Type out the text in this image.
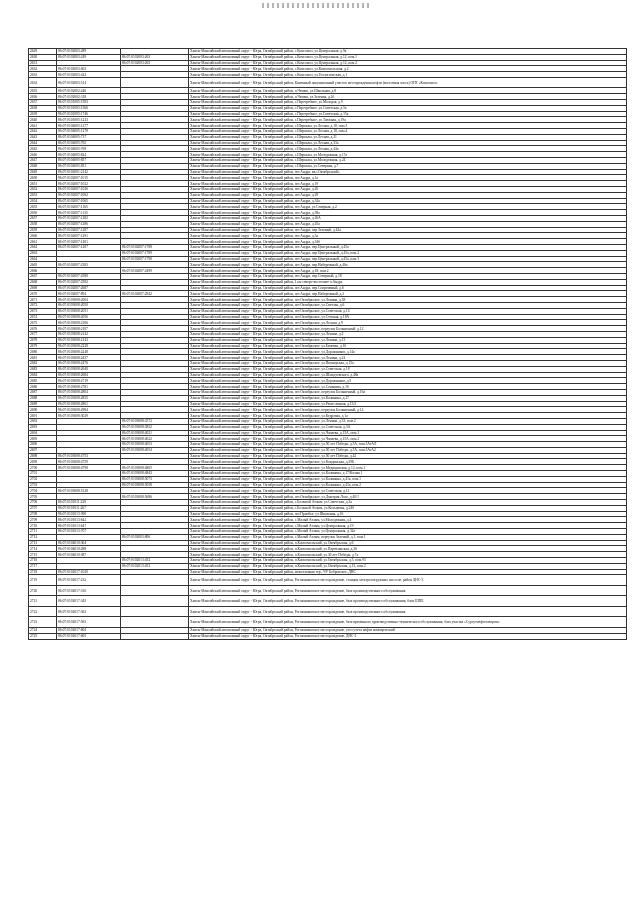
2629	86:07:0102003:289		Ханты-Мансийский автономный округ - Югра, Октябрьский район, с.Комсомол, ул.Центральная, д.9а
2630	86:07:0102003:249	86:07:0102003:263	Ханты-Мансийский автономный округ - Югра, Октябрьский район, с.Комсомол, ул.Центральная, д.12, пом.1
2631		86:07:0102003:265	Ханты-Мансийский автономный округ - Югра, Октябрьский район, с.Комсомол, ул.Центральная, д.12, пом.2
2632	86:07:0102003:403		Ханты-Мансийский автономный округ - Югра, Октябрьский район, с.Комсомол, ул.Комсомольская, д.2
2633	86:07:0102003:424		Ханты-Мансийский автономный округ - Югра, Октябрьский район, с.Комсомол, ул.Геологическая, д.1
2634	86:07:0102003:514		Ханты-Мансийский автономный округ - Югра, Октябрьский район, Каменный лицензионный участок месторождения нефти (восточная часть) ОПТ «Комсомол»
2635	86:07:0102002:246		Ханты-Мансийский автономный округ - Югра, Октябрьский район, п.Чемаш, ул.Школьная, д.8
2636	86:07:0102002:318		Ханты-Мансийский автономный округ - Югра, Октябрьский район, п.Чемаш, ул.Зеленая, д.2б
2637	86:07:0101005:1583		Ханты-Мансийский автономный округ - Югра, Октябрьский район, с.Перегребное, ул.Молодая, д.9
2638	86:07:0101005:1566		Ханты-Мансийский автономный округ - Югра, Октябрьский район, с.Перегребное, ул.Советская, д.5а
2639	86:07:0101005:1746		Ханты-Мансийский автономный округ - Югра, Октябрьский район, с.Перегребное, ул.Советская, д.15а
2640	86:07:0101005:1233		Ханты-Мансийский автономный округ - Югра, Октябрьский район, с.Перегребное, ул.Таежная, д.19а
2641	86:07:0104005:1277		Ханты-Мансийский автономный округ - Югра, Октябрьский район, с.Шеркалы, ул.Лесная, д.18, пом.3
2642	86:07:0104005:1278		Ханты-Мансийский автономный округ - Югра, Октябрьский район, с.Шеркалы, ул.Лесная, д.18, пом.4
2643	86:07:0104005:717		Ханты-Мансийский автономный округ - Югра, Октябрьский район, с.Шеркалы, ул.Лесная, д.21
2644	86:07:0104005:765		Ханты-Мансийский автономный округ - Югра, Октябрьский район, с.Шеркалы, ул.Лесная, д.33а
2645	86:07:0104005:769		Ханты-Мансийский автономный округ - Югра, Октябрьский район, с.Шеркалы, ул.Лесная, д.44а
2646	86:07:0104005:824		Ханты-Мансийский автономный округ - Югра, Октябрьский район, с.Шеркалы, ул.Молодежная, д.17а
2647	86:07:0104005:857		Ханты-Мансийский автономный округ - Югра, Октябрьский район, с.Шеркалы, ул.Молодежная, д.24
2648	86:07:0104005:831		Ханты-Мансийский автономный округ - Югра, Октябрьский район, с.Шеркалы, ул.Северная, д.7
2649	86:07:0102001:2142		Ханты-Мансийский автономный округ - Югра, Октябрьский район, пгт.Андра, кв.«Октябрьский»
2650	86:07:0102007:1015		Ханты-Мансийский автономный округ - Югра, Октябрьский район, пгт.Андра, д.1а
2651	86:07:0102007:1022		Ханты-Мансийский автономный округ - Югра, Октябрьский район, пгт.Андра, д.19
2652	86:07:0102007:1026		Ханты-Мансийский автономный округ - Югра, Октябрьский район, пгт.Андра, д.26
2653	86:07:0102007:1062		Ханты-Мансийский автономный округ - Югра, Октябрьский район, пгт.Андра, д.29
2654	86:07:0102007:1065		Ханты-Мансийский автономный округ - Югра, Октябрьский район, пгт.Андра, д.34а
2655	86:07:0102007:1165		Ханты-Мансийский автономный округ - Югра, Октябрьский район, пгт.Андра, ул.Северная, д.2
2656	86:07:0102007:1135		Ханты-Мансийский автономный округ - Югра, Октябрьский район, пгт.Андра, д.58а
2657	86:07:0102007:1282		Ханты-Мансийский автономный округ - Югра, Октябрьский район, пгт.Андра, д.26А
2658	86:07:0102007:1286		Ханты-Мансийский автономный округ - Югра, Октябрьский район, пгт.Андра, д.45а
2659	86:07:0102007:1287		Ханты-Мансийский автономный округ - Югра, Октябрьский район, пгт.Андра, пер.Зеленый, д.44а
2660	86:07:0102007:1291		Ханты-Мансийский автономный округ - Югра, Октябрьский район, пгт.Андра, д.3а
2661	86:07:0102007:1401		Ханты-Мансийский автономный округ - Югра, Октябрьский район, пгт.Андра, д.34б
2662	86:07:0102007:1207	86:07:0102007:1788	Ханты-Мансийский автономный округ - Югра, Октябрьский район, пгт.Андра, пер.Центральный, д.45а
2663		86:07:0102007:1789	Ханты-Мансийский автономный округ - Югра, Октябрьский район, пгт.Андра, пер.Центральный, д.45а, пом.2
2664		86:07:0102007:1790	Ханты-Мансийский автономный округ - Югра, Октябрьский район, пгт.Андра, пер.Центральный, д.45а, пом.3
2665	86:07:0102007:2383		Ханты-Мансийский автономный округ - Югра, Октябрьский район, пгт.Андра, пер.Набережный, д.46а
2666		86:07:0102007:2499	Ханты-Мансийский автономный округ - Югра, Октябрьский район, пгт.Андра, д.18, пом.2
2667	86:07:0102007:2580		Ханты-Мансийский автономный округ - Югра, Октябрьский район, пгт.Андра, пер.Северный, д.18
2668	86:07:0102007:2582		Ханты-Мансийский автономный округ - Югра, Октябрьский район, 1 км северо-восточнее п.Андра
2669	86:07:0102007:2687		Ханты-Мансийский автономный округ - Югра, Октябрьский район, пгт.Андра, пер.Спортивный, д.6
2670	86:07:0102007:894	86:07:0102007:2942	Ханты-Мансийский автономный округ - Югра, Октябрьский район, пгт.Андра, пер.Набережный, д.2
2671	86:07:0103008:2004		Ханты-Мансийский автономный округ - Югра, Октябрьский район, пгт.Октябрьское, ул.Ленина, д.38
2672	86:07:0103008:2050		Ханты-Мансийский автономный округ - Югра, Октябрьский район, пгт.Октябрьское, ул.Светлая, д.6
2673	86:07:0103008:2051		Ханты-Мансийский автономный округ - Югра, Октябрьский район, пгт.Октябрьское, ул.Советская, д.14
2674	86:07:0103008:2056		Ханты-Мансийский автономный округ - Югра, Октябрьский район, пгт.Октябрьское, ул.Степная, д.18А
2675	86:07:0103008:2106		Ханты-Мансийский автономный округ - Югра, Октябрьский район, пгт.Октябрьское, ул.Лесная, д.9
2676	86:07:0103008:2107		Ханты-Мансийский автономный округ - Югра, Октябрьский район, пгт.Октябрьское, переулок Больничный, д.12
2677	86:07:0103008:2142		Ханты-Мансийский автономный округ - Югра, Октябрьский район, пгт.Октябрьское, ул.Ленина, д.2
2678	86:07:0103008:2143		Ханты-Мансийский автономный округ - Югра, Октябрьский район, пгт.Октябрьское, ул.Ленина, д.13
2679	86:07:0103008:2228		Ханты-Мансийский автономный округ - Югра, Октябрьский район, пгт.Октябрьское, ул.Бичевая, д.16
2680	86:07:0103008:2248		Ханты-Мансийский автономный округ - Югра, Октябрьский район, пгт.Октябрьское, ул.Дорожников, д.14а
2681	86:07:0103008:2457		Ханты-Мансийский автономный округ - Югра, Октябрьский район, пгт.Октябрьское, ул.Ленина, д.22
2682	86:07:0103008:2476		Ханты-Мансийский автономный округ - Югра, Октябрьский район, пгт.Октябрьское, ул.Пионерская, д.15а
2683	86:07:0103008:2640		Ханты-Мансийский автономный округ - Югра, Октябрьский район, пгт.Октябрьское, ул.Советская, д.18
2684	86:07:0103008:2684		Ханты-Мансийский автономный округ - Югра, Октябрьский район, пгт.Октябрьское, ул.Шмидтовского, д.48а
2685	86:07:0103008:2719		Ханты-Мансийский автономный округ - Югра, Октябрьский район, пгт.Октябрьское, ул.Дорожников, д.5
2686	86:07:0103008:2781		Ханты-Мансийский автономный округ - Югра, Октябрьский район, пгт.Октябрьское, ул.Сенькина, д.16
2687	86:07:0103008:2804		Ханты-Мансийский автономный округ - Югра, Октябрьский район, пгт.Октябрьское, переулок Больничный, д.16а
2688	86:07:0103008:2835		Ханты-Мансийский автономный округ - Югра, Октябрьский район, пгт.Октябрьское, ул.Калинина, д.27
2689	86:07:0103008:2861		Ханты-Мансийский автономный округ - Югра, Октябрьский район, пгт.Октябрьское, ул.Ремесленная, д.13/2
2690	86:07:0103008:2984		Ханты-Мансийский автономный округ - Югра, Октябрьский район, пгт.Октябрьское, переулок Больничный, д.14
2691	86:07:0103008:3029		Ханты-Мансийский автономный округ - Югра, Октябрьский район, пгт.Октябрьское, ул.Кедровая, д.1а
2692		86:07:0103008:3572	Ханты-Мансийский автономный округ - Югра, Октябрьский район, пгт.Октябрьское, ул.Ленина, д.33, пом.2
2693		86:07:0103008:3852	Ханты-Мансийский автономный округ - Югра, Октябрьский район, пгт.Октябрьское, ул.Советская, д.3А
2694		86:07:0103008:4021	Ханты-Мансийский автономный округ - Югра, Октябрьский район, пгт.Октябрьское, ул.Чапаева, д.15А, пом.1
2695		86:07:0103008:4022	Ханты-Мансийский автономный округ - Югра, Октябрьский район, пгт.Октябрьское, ул.Чапаева, д.15А, пом.2
2696		86:07:0103008:4053	Ханты-Мансийский автономный округ - Югра, Октябрьский район, пгт.Октябрьское, ул.50 лет Победы, д.5А, пом.5АтАЛ
2697		86:07:0103008:4054	Ханты-Мансийский автономный округ - Югра, Октябрьский район, пгт.Октябрьское, ул.50 лет Победы, д.5А, пом.5АтА2
2698	86:07:0103008:4753		Ханты-Мансийский автономный округ - Югра, Октябрьский район, пгт.Октябрьское, ул.50 лет Победы, д.42
2699	86:07:0103008:4759		Ханты-Мансийский автономный округ - Югра, Октябрьский район, пгт.Октябрьское, ул.Кондинская, д.29Б
2700	86:07:0103008:4798	86:07:0103008:4805	Ханты-Мансийский автономный округ - Югра, Октябрьский район, пгт.Октябрьское, ул.Медицинская, д.12, пом.1
2701		86:07:0103008:4843	Ханты-Мансийский автономный округ - Югра, Октябрьский район, пгт.Октябрьское, ул.Калинина, д.17/Калин.1
2702		86:07:0103008:5073	Ханты-Мансийский автономный округ - Югра, Октябрьский район, пгт.Октябрьское, ул.Калинина, д.41а, пом.1
2703		86:07:0103008:5058	Ханты-Мансийский автономный округ - Югра, Октябрьский район, пгт.Октябрьское, ул.Калинина, д.41а, пом.2
2704	86:07:0103008:5128		Ханты-Мансийский автономный округ - Югра, Октябрьский район, пгт.Октябрьское, ул.Советская, д.11
2705		86:07:0103008:5686	Ханты-Мансийский автономный округ - Югра, Октябрьский район, пгт.Октябрьское, ул.Дмитрия Лоло, д.40/1
2706	86:07:0101011:229		Ханты-Мансийский автономный округ - Югра, Октябрьский район, с.Большой Атлым, ул.Советская, д.3а
2707	86:07:0101011:267		Ханты-Мансийский автономный округ - Югра, Октябрьский район, с.Большой Атлым, ул.Кольцевая, д.24б
2708	86:07:0101013:390		Ханты-Мансийский автономный округ - Югра, Октябрьский район, пгт.Приобье, ул.Школьная, д.16
2709	86:07:0101013:642		Ханты-Мансийский автономный округ - Югра, Октябрьский район, с.Малый Атлым, ул.Молодежная, д.4
2710	86:07:0101013:647		Ханты-Мансийский автономный округ - Югра, Октябрьский район, с.Малый Атлым, ул.Центральная, д.19
2711	86:07:0101013:707		Ханты-Мансийский автономный округ - Югра, Октябрьский район, с.Малый Атлым, ул.Центральная, д.32а
2712		86:07:0102003:806	Ханты-Мансийский автономный округ - Югра, Октябрьский район, с.Малый Атлым, переулок Зеленый, д.1, пом.1
2713	86:07:0104010:364		Ханты-Мансийский автономный округ - Югра, Октябрьский район, п.Комсомольский, ул.Октябрьская, д.6
2714	86:07:0104010:288		Ханты-Мансийский автономный округ - Югра, Октябрьский район, п.Комсомольский, ул.Партизанская, д.26
2715	86:07:0104010:387		Ханты-Мансийский автономный округ - Югра, Октябрьский район, п.Комсомольский, ул.30 лет Победы, д.7а
2716		86:07:0102013:452	Ханты-Мансийский автономный округ - Югра, Октябрьский район, п.Комсомольский, ул.Октябрьская, д.5, пом.93
2717		86:07:0102013:453	Ханты-Мансийский автономный округ - Югра, Октябрьский район, п.Комсомольский, ул.Октябрьская, д.13, пом.2
2718	86:07:0102017:1020		Ханты-Мансийский автономный округ - Югра, Октябрьский район, межселенная тер., ЧУ Бобровское, ДНС
2719	86:07:0102017:232		Ханты-Мансийский автономный округ - Югра, Октябрьский район, Рогожниковское месторождение, станция электропогружных насосов, район ДНС-3
2720	86:07:0102017:316		Ханты-Мансийский автономный округ - Югра, Октябрьский район, Рогожниковское месторождение, база производственного обслуживания
2721	86:07:0102017:345		Ханты-Мансийский автономный округ - Югра, Октябрьский район, Рогожниковское месторождение, база производственного обслуживания, блок ШПБ
2722	86:07:0102017:363		Ханты-Мансийский автономный округ - Югра, Октябрьский район, Рогожниковское месторождение, база производственного обслуживания
2723	86:07:0102017:563		Ханты-Мансийский автономный округ - Югра, Октябрьский район, Рогожниковское месторождение, база временного производственно-технического обслуживания, база участка «Сургутнефтегазпром»
2724	86:07:0102017:604		Ханты-Мансийский автономный округ - Югра, Октябрьский район, Рогожниковское месторождение, узел учета нефти коммерческий
2725	86:07:0102017:605		Ханты-Мансийский автономный округ - Югра, Октябрьский район, Рогожниковское месторождение, ДНС-3
